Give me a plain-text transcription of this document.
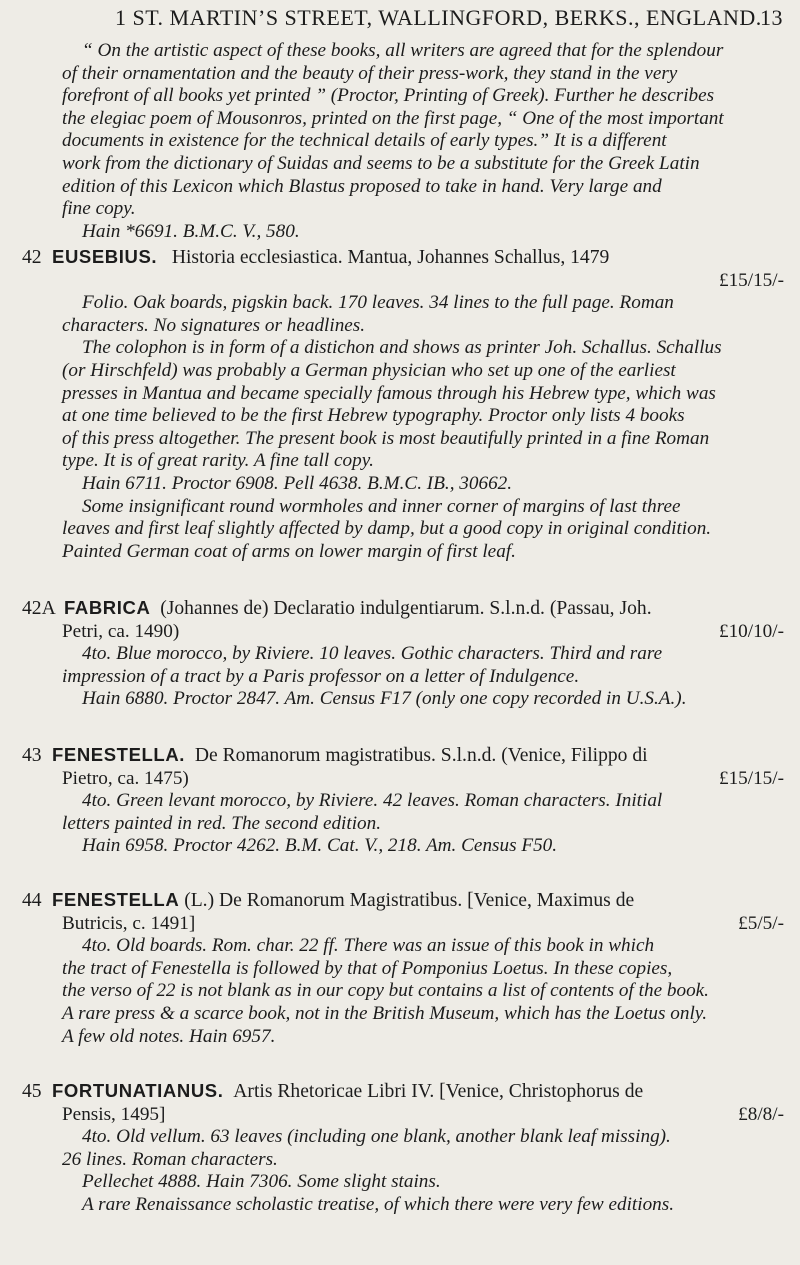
1 ST. MARTIN’S STREET, WALLINGFORD, BERKS., ENGLAND.
13
“ On the artistic aspect of these books, all writers are agreed that for the splendour
of their ornamentation and the beauty of their press-work, they stand in the very
forefront of all books yet printed ” (Proctor, Printing of Greek). Further he describes
the elegiac poem of Mousonros, printed on the first page, “ One of the most important
documents in existence for the technical details of early types.” It is a different
work from the dictionary of Suidas and seems to be a substitute for the Greek Latin
edition of this Lexicon which Blastus proposed to take in hand. Very large and
fine copy.
Hain *6691. B.M.C. V., 580.
42 EUSEBIUS. Historia ecclesiastica. Mantua, Johannes Schallus, 1479
£15/15/-
Folio. Oak boards, pigskin back. 170 leaves. 34 lines to the full page. Roman
characters. No signatures or headlines.
The colophon is in form of a distichon and shows as printer Joh. Schallus. Schallus
(or Hirschfeld) was probably a German physician who set up one of the earliest
presses in Mantua and became specially famous through his Hebrew type, which was
at one time believed to be the first Hebrew typography. Proctor only lists 4 books
of this press altogether. The present book is most beautifully printed in a fine Roman
type. It is of great rarity. A fine tall copy.
Hain 6711. Proctor 6908. Pell 4638. B.M.C. IB., 30662.
Some insignificant round wormholes and inner corner of margins of last three
leaves and first leaf slightly affected by damp, but a good copy in original condition.
Painted German coat of arms on lower margin of first leaf.
42A FABRICA (Johannes de) Declaratio indulgentiarum. S.l.n.d. (Passau, Joh.
Petri, ca. 1490)	£10/10/-
4to. Blue morocco, by Riviere. 10 leaves. Gothic characters. Third and rare
impression of a tract by a Paris professor on a letter of Indulgence.
Hain 6880. Proctor 2847. Am. Census F17 (only one copy recorded in U.S.A.).
43 FENESTELLA. De Romanorum magistratibus. S.l.n.d. (Venice, Filippo di
Pietro, ca. 1475)	£15/15/-
4to. Green levant morocco, by Riviere. 42 leaves. Roman characters. Initial
letters painted in red. The second edition.
Hain 6958. Proctor 4262. B.M. Cat. V., 218. Am. Census F50.
44 FENESTELLA (L.) De Romanorum Magistratibus. [Venice, Maximus de
Butricis, c. 1491]	£5/5/-
4to. Old boards. Rom. char. 22 ff. There was an issue of this book in which
the tract of Fenestella is followed by that of Pomponius Loetus. In these copies,
the verso of 22 is not blank as in our copy but contains a list of contents of the book.
A rare press & a scarce book, not in the British Museum, which has the Loetus only.
A few old notes. Hain 6957.
45 FORTUNATIANUS. Artis Rhetoricae Libri IV. [Venice, Christophorus de
Pensis, 1495]	£8/8/-
4to. Old vellum. 63 leaves (including one blank, another blank leaf missing).
26 lines. Roman characters.
Pellechet 4888. Hain 7306. Some slight stains.
A rare Renaissance scholastic treatise, of which there were very few editions.
